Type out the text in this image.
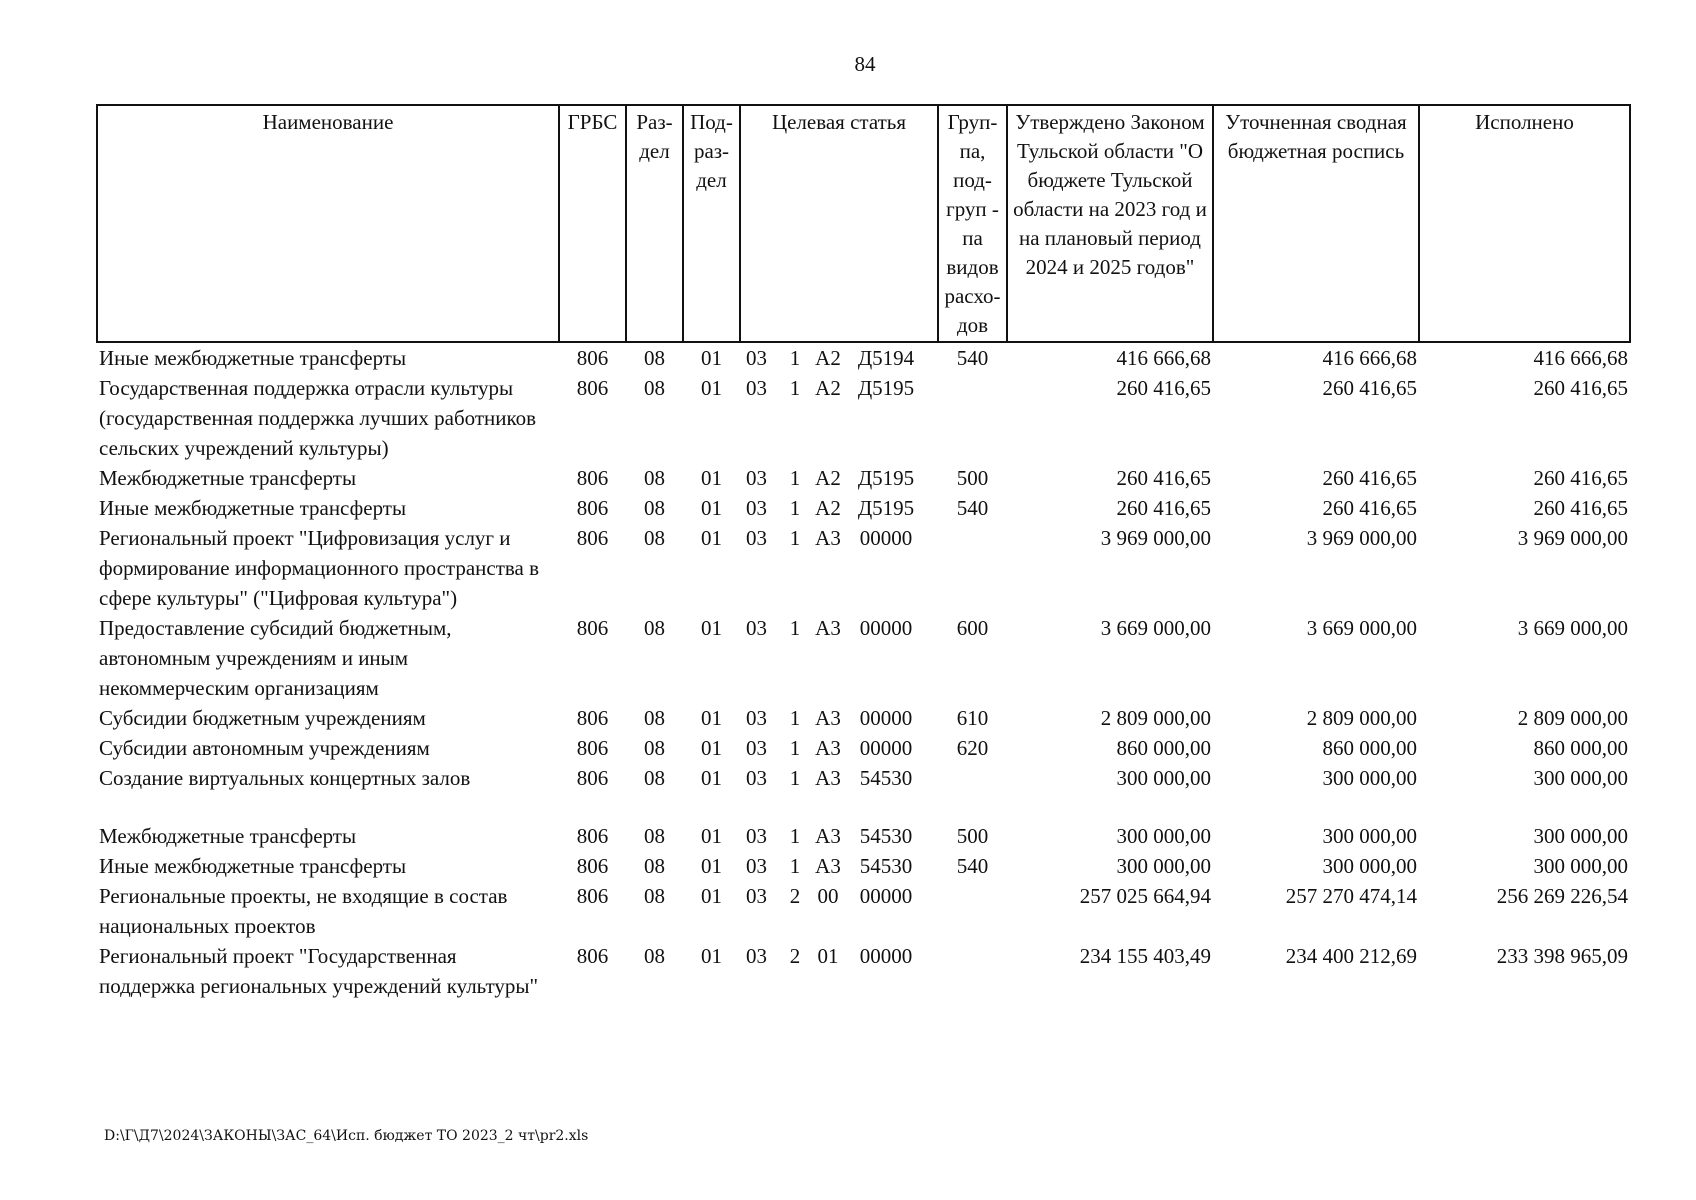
84
Наименование	ГРБС	Раз-дел	Под-раз-дел	Целевая статья	Груп-па, под-груп - па видов расхо-дов	Утверждено Законом Тульской области "О бюджете Тульской области на 2023 год и на плановый период 2024 и 2025 годов"	Уточненная сводная бюджетная роспись	Исполнено
Иные межбюджетные трансферты	806	08	01	03 1 А2 Д5194	540	416 666,68	416 666,68	416 666,68
Государственная поддержка отрасли культуры (государственная поддержка лучших работников сельских учреждений культуры)	806	08	01	03 1 А2 Д5195		260 416,65	260 416,65	260 416,65
Межбюджетные трансферты	806	08	01	03 1 А2 Д5195	500	260 416,65	260 416,65	260 416,65
Иные межбюджетные трансферты	806	08	01	03 1 А2 Д5195	540	260 416,65	260 416,65	260 416,65
Региональный проект "Цифровизация услуг и формирование информационного пространства в сфере культуры" ("Цифровая культура")	806	08	01	03 1 А3 00000		3 969 000,00	3 969 000,00	3 969 000,00
Предоставление субсидий бюджетным, автономным учреждениям и иным некоммерческим организациям	806	08	01	03 1 А3 00000	600	3 669 000,00	3 669 000,00	3 669 000,00
Субсидии бюджетным учреждениям	806	08	01	03 1 А3 00000	610	2 809 000,00	2 809 000,00	2 809 000,00
Субсидии автономным учреждениям	806	08	01	03 1 А3 00000	620	860 000,00	860 000,00	860 000,00
Создание виртуальных концертных залов	806	08	01	03 1 А3 54530		300 000,00	300 000,00	300 000,00

Межбюджетные трансферты	806	08	01	03 1 А3 54530	500	300 000,00	300 000,00	300 000,00
Иные межбюджетные трансферты	806	08	01	03 1 А3 54530	540	300 000,00	300 000,00	300 000,00
Региональные проекты, не входящие в состав национальных проектов	806	08	01	03 2 00 00000		257 025 664,94	257 270 474,14	256 269 226,54
Региональный проект "Государственная поддержка региональных учреждений культуры"	806	08	01	03 2 01 00000		234 155 403,49	234 400 212,69	233 398 965,09
D:\Г\Д7\2024\ЗАКОНЫ\ЗАС_64\Исп. бюджет ТО 2023_2 чт\pr2.xls
